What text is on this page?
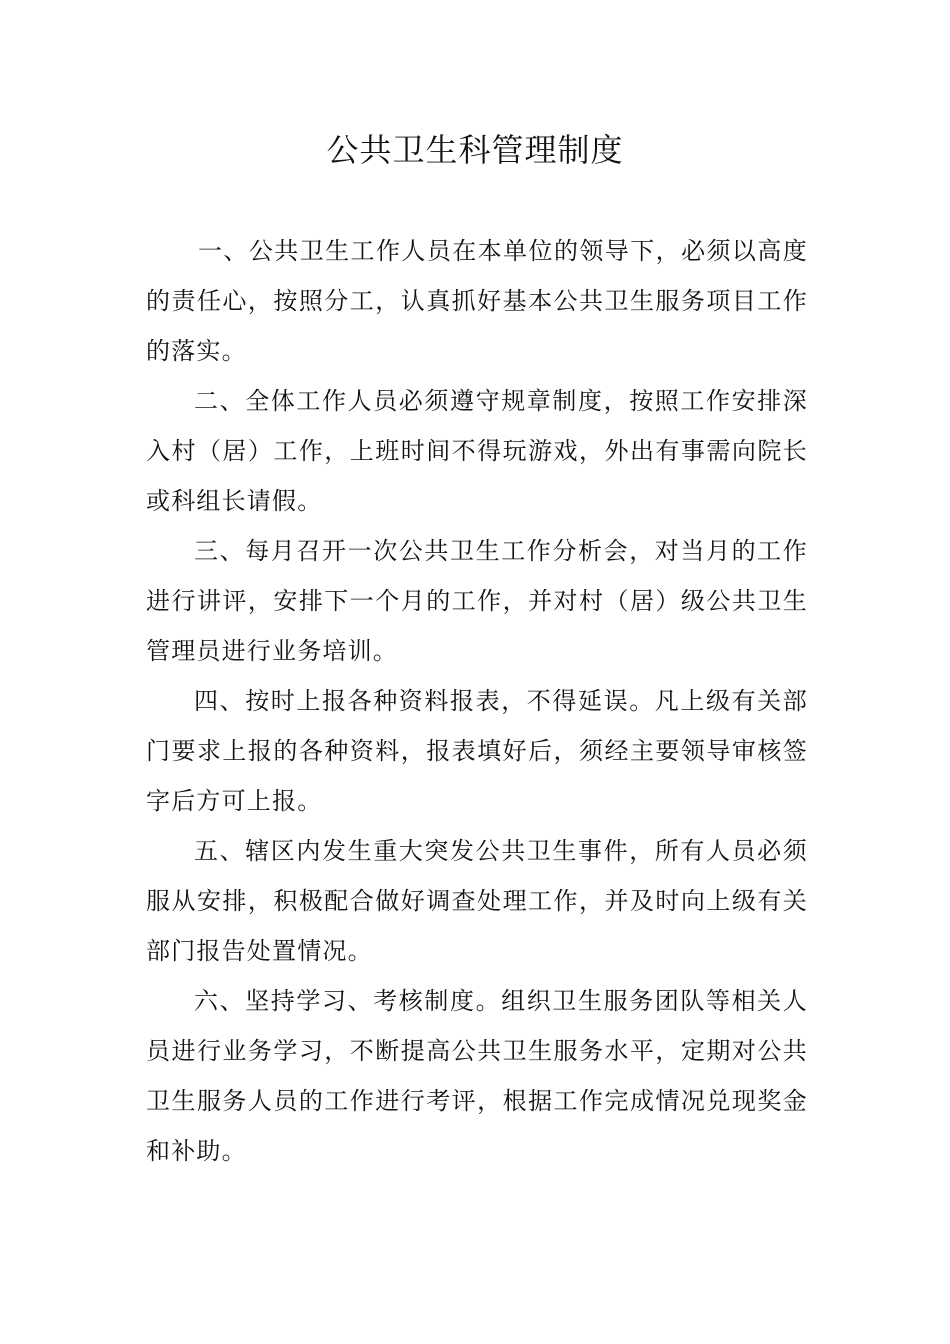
公共卫生科管理制度

一、公共卫生工作人员在本单位的领导下，必须以高度的责任心，按照分工，认真抓好基本公共卫生服务项目工作的落实。

二、全体工作人员必须遵守规章制度，按照工作安排深入村（居）工作，上班时间不得玩游戏，外出有事需向院长或科组长请假。

三、每月召开一次公共卫生工作分析会，对当月的工作进行讲评，安排下一个月的工作，并对村（居）级公共卫生管理员进行业务培训。

四、按时上报各种资料报表，不得延误。凡上级有关部门要求上报的各种资料，报表填好后，须经主要领导审核签字后方可上报。

五、辖区内发生重大突发公共卫生事件，所有人员必须服从安排，积极配合做好调查处理工作，并及时向上级有关部门报告处置情况。

六、坚持学习、考核制度。组织卫生服务团队等相关人员进行业务学习，不断提高公共卫生服务水平，定期对公共卫生服务人员的工作进行考评，根据工作完成情况兑现奖金和补助。
